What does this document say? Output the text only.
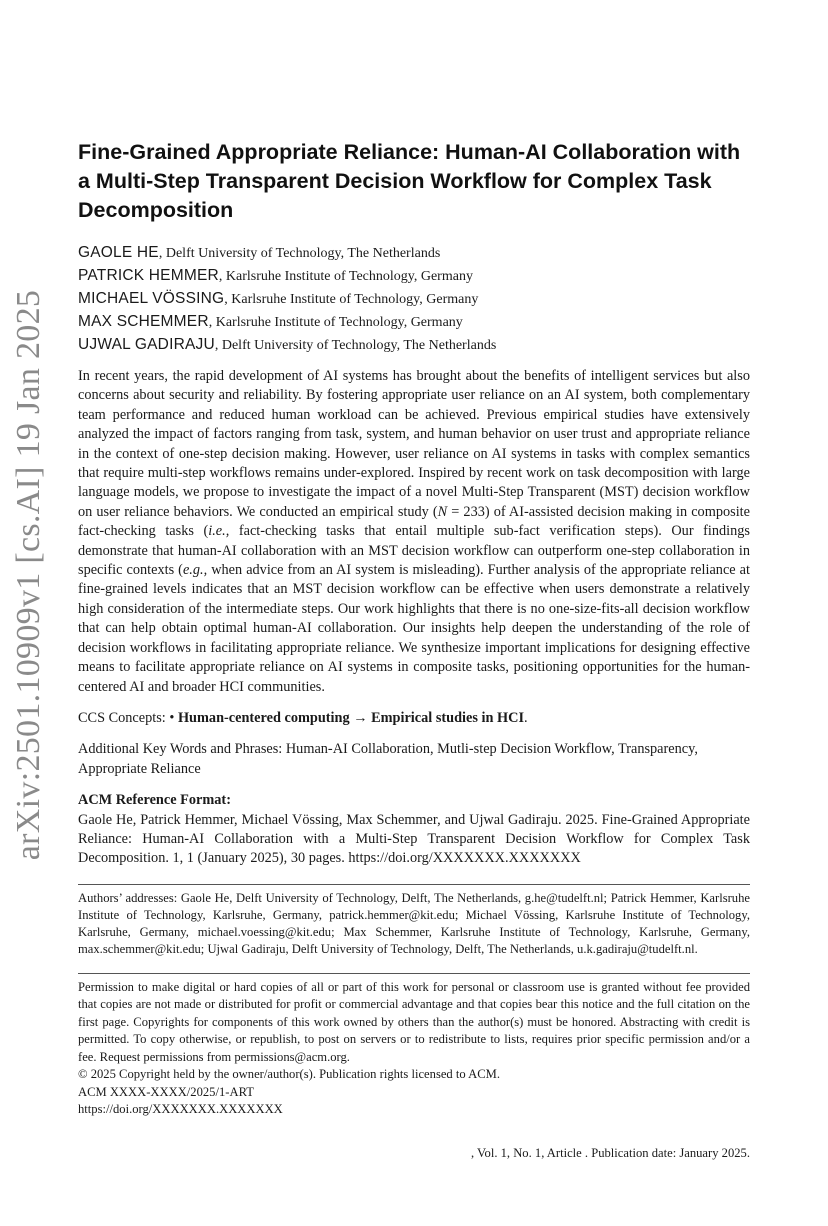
arXiv:2501.10909v1 [cs.AI] 19 Jan 2025
Fine-Grained Appropriate Reliance: Human-AI Collaboration with a Multi-Step Transparent Decision Workflow for Complex Task Decomposition
GAOLE HE, Delft University of Technology, The Netherlands
PATRICK HEMMER, Karlsruhe Institute of Technology, Germany
MICHAEL VÖSSING, Karlsruhe Institute of Technology, Germany
MAX SCHEMMER, Karlsruhe Institute of Technology, Germany
UJWAL GADIRAJU, Delft University of Technology, The Netherlands

In recent years, the rapid development of AI systems has brought about the benefits of intelligent services but also concerns about security and reliability. By fostering appropriate user reliance on an AI system, both complementary team performance and reduced human workload can be achieved. Previous empirical studies have extensively analyzed the impact of factors ranging from task, system, and human behavior on user trust and appropriate reliance in the context of one-step decision making. However, user reliance on AI systems in tasks with complex semantics that require multi-step workflows remains under-explored. Inspired by recent work on task decomposition with large language models, we propose to investigate the impact of a novel Multi-Step Transparent (MST) decision workflow on user reliance behaviors. We conducted an empirical study (N = 233) of AI-assisted decision making in composite fact-checking tasks (i.e., fact-checking tasks that entail multiple sub-fact verification steps). Our findings demonstrate that human-AI collaboration with an MST decision workflow can outperform one-step collaboration in specific contexts (e.g., when advice from an AI system is misleading). Further analysis of the appropriate reliance at fine-grained levels indicates that an MST decision workflow can be effective when users demonstrate a relatively high consideration of the intermediate steps. Our work highlights that there is no one-size-fits-all decision workflow that can help obtain optimal human-AI collaboration. Our insights help deepen the understanding of the role of decision workflows in facilitating appropriate reliance. We synthesize important implications for designing effective means to facilitate appropriate reliance on AI systems in composite tasks, positioning opportunities for the human-centered AI and broader HCI communities.

CCS Concepts: • Human-centered computing → Empirical studies in HCI.

Additional Key Words and Phrases: Human-AI Collaboration, Mutli-step Decision Workflow, Transparency, Appropriate Reliance

ACM Reference Format:
Gaole He, Patrick Hemmer, Michael Vössing, Max Schemmer, and Ujwal Gadiraju. 2025. Fine-Grained Appropriate Reliance: Human-AI Collaboration with a Multi-Step Transparent Decision Workflow for Complex Task Decomposition. 1, 1 (January 2025), 30 pages. https://doi.org/XXXXXXX.XXXXXXX

Authors’ addresses: Gaole He, Delft University of Technology, Delft, The Netherlands, g.he@tudelft.nl; Patrick Hemmer, Karlsruhe Institute of Technology, Karlsruhe, Germany, patrick.hemmer@kit.edu; Michael Vössing, Karlsruhe Institute of Technology, Karlsruhe, Germany, michael.voessing@kit.edu; Max Schemmer, Karlsruhe Institute of Technology, Karlsruhe, Germany, max.schemmer@kit.edu; Ujwal Gadiraju, Delft University of Technology, Delft, The Netherlands, u.k.gadiraju@tudelft.nl.

Permission to make digital or hard copies of all or part of this work for personal or classroom use is granted without fee provided that copies are not made or distributed for profit or commercial advantage and that copies bear this notice and the full citation on the first page. Copyrights for components of this work owned by others than the author(s) must be honored. Abstracting with credit is permitted. To copy otherwise, or republish, to post on servers or to redistribute to lists, requires prior specific permission and/or a fee. Request permissions from permissions@acm.org.

© 2025 Copyright held by the owner/author(s). Publication rights licensed to ACM.
ACM XXXX-XXXX/2025/1-ART
https://doi.org/XXXXXXX.XXXXXXX
, Vol. 1, No. 1, Article . Publication date: January 2025.
